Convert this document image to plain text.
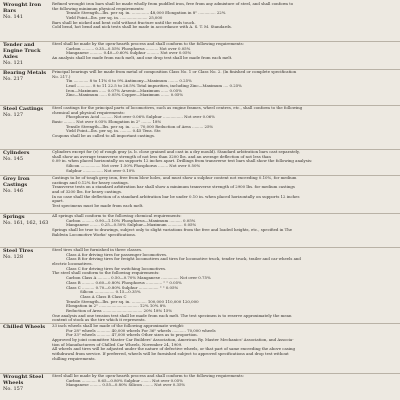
Wrought Iron Bars
No. 141
Refined wrought iron bars shall be made wholly from puddled iron, free from any admixture of steel, and shall conform to
the following minimum physical requirements:
Tensile Strength—lbs. per sq. in. .............. 48,000 Elongation in 8" .............. 22%
Yield Point—lbs. per sq. in. ...................... 25,000
Bars shall be nicked and bent cold without fracture until the ends touch.
Cold bend, hot bend and nick tests shall be made in accordance with A. S. T. M. Standards.
Tender and Engine Truck Axles
No. 121
Steel shall be made by the open-hearth process and shall conform to the following requirements:
Carbon .......... 0.35—0.55% Phosphorus .......... Not over 0.05%
Manganese .......... 0.40—0.60% Sulphur .......... Not over 0.05%
An analysis shall be made from each melt, and one drop test shall be made from each melt.
Bearing Metals
No. 217
Principal bearings will be made from metal of composition Class No. 1 or Class No. 2. (In finished or complete specification
No. 217.)
Tin ............ 8 to 11% 6 to 9% Antimony—Maximum ........ 0.25%
Lead ............ 8 to 11 22.5 to 26.5% Total impurities, including Zinc—Maximum .... 0.25%
Iron—Maximum ...... 0.07% Arsenic—Maximum ...... 0.05%
Zinc—Maximum ...... 0.05% Copper—Maximum ....... 0.05%
Steel Castings
No. 127
Steel castings for the principal parts of locomotives, such as engine frames, wheel centres, etc., shall conform to the following
chemical and physical requirements:
Phosphorus Acid .......... Not over 0.06% Sulphur ................ Not over 0.06%
Basic ......... Not over 0.05% Elongation in 2" ........ 18%
Tensile Strength—lbs. per sq. in. ...... 70,000 Reduction of Area ......... 25%
Yield Point—lbs. per sq. in. ......... 0.45 Tens. Str.
Coupons shall be as called to all important castings.
Cylinders
No. 145
Cylinders except for (e) of rough gray (a. b. close grained and cast in a dry mould). Standard arbitration bars cast separately,
shall show an average transverse strength of not less than 3200 lbs. and an average deflection of not less than
0.09 in. when placed horizontally on supports 12 inches apart. Drillings from transverse test bars shall show the following analysis:
Silicon ................ Not over 1.50% Phosphorus ........ Not over 0.50%
Sulphur ................ Not over 0.10%
Grey Iron Castings
No. 146
Castings to be of tough grey iron, free from blow holes, and must show a sulphur content not exceeding 0.10%, for medium
castings and 0.12% for heavy castings.
Transverse tests on a standard arbitration bar shall show a minimum transverse strength of 2900 lbs. for medium castings
and of 3200 lbs. for heavy castings.
In no case shall the deflection of a standard arbitration bar be under 0.10 in. when placed horizontally on supports 12 inches
apart.
Test specimens must be made from each melt.
Springs
No. 161, 162, 163
All springs shall conform to the following chemical requirements:
Carbon .......... 0.90—1.10% Phosphorus—Maximum .......... 0.05%
Manganese ........ 0.25—0.50% Sulphur—Maximum ............ 0.05%
Springs shall be true to drawings, subject only to slight variations from the free and loaded heights, etc., specified in The
Baldwin Locomotive Works' specifications.
Steel Tires
No. 128
Steel tires shall be furnished in three classes.
Class A for driving tires for passenger locomotives.
Class B for driving tires for freight locomotives and tires for locomotive truck, tender truck, trailer and car wheels and
electric locomotives.
Class C for driving tires for switching locomotives.
The steel shall conform to the following requirements:
Carbon Class A .......... 0.50—0.70% Manganese .............. Not over 0.75%
Class B .......... 0.60—0.80% Phosphorus ............. " " 0.05%
Class C .......... 0.70—0.80% Sulphur ................ " " 0.05%
Silicon ................ 0.15—0.35%
Class A Class B Class C
Tensile Strength—lbs. per sq. in. ............ 100,000 110,000 120,000
Elongation in 2" ................................ 12% 10% 8%
Reduction of Area ................................ 20% 18% 15%
One analysis and one tension test shall be made from each melt. The test specimen is to reserve approximately the mean
content of stock as the tire which it represents.
Chilled Wheels	33 inch wheels shall be made of the following approximate weight:
For 28" wheels ........... 40,000 wheels For 36" wheels ........... 70,000 wheels
For 33" wheels ........... 47,000 wheels Other sizes as to proportion.
Approved by joint committee Master Car Builders' Association, American Ry. Master Mechanics' Association, and Associa-
tion of Manufacturers of Chilled Car Wheels, November 24, 1909.
All wheels and tires will be adjusted under the nature of defective wheels, or that part of same exceeding the above casing
withdrawal from service. If preferred, wheels will be furnished subject to approved specifications and drop test without
chilling requirements.
Wrought Steel Wheels
No. 157
Steel shall be made by the open-hearth process and shall conform to the following requirements:
Carbon ............ 0.65—0.80% Sulphur ........ Not over 0.05%
Manganese ......... 0.55—0.80% Silicon ........ Not over 0.35%
